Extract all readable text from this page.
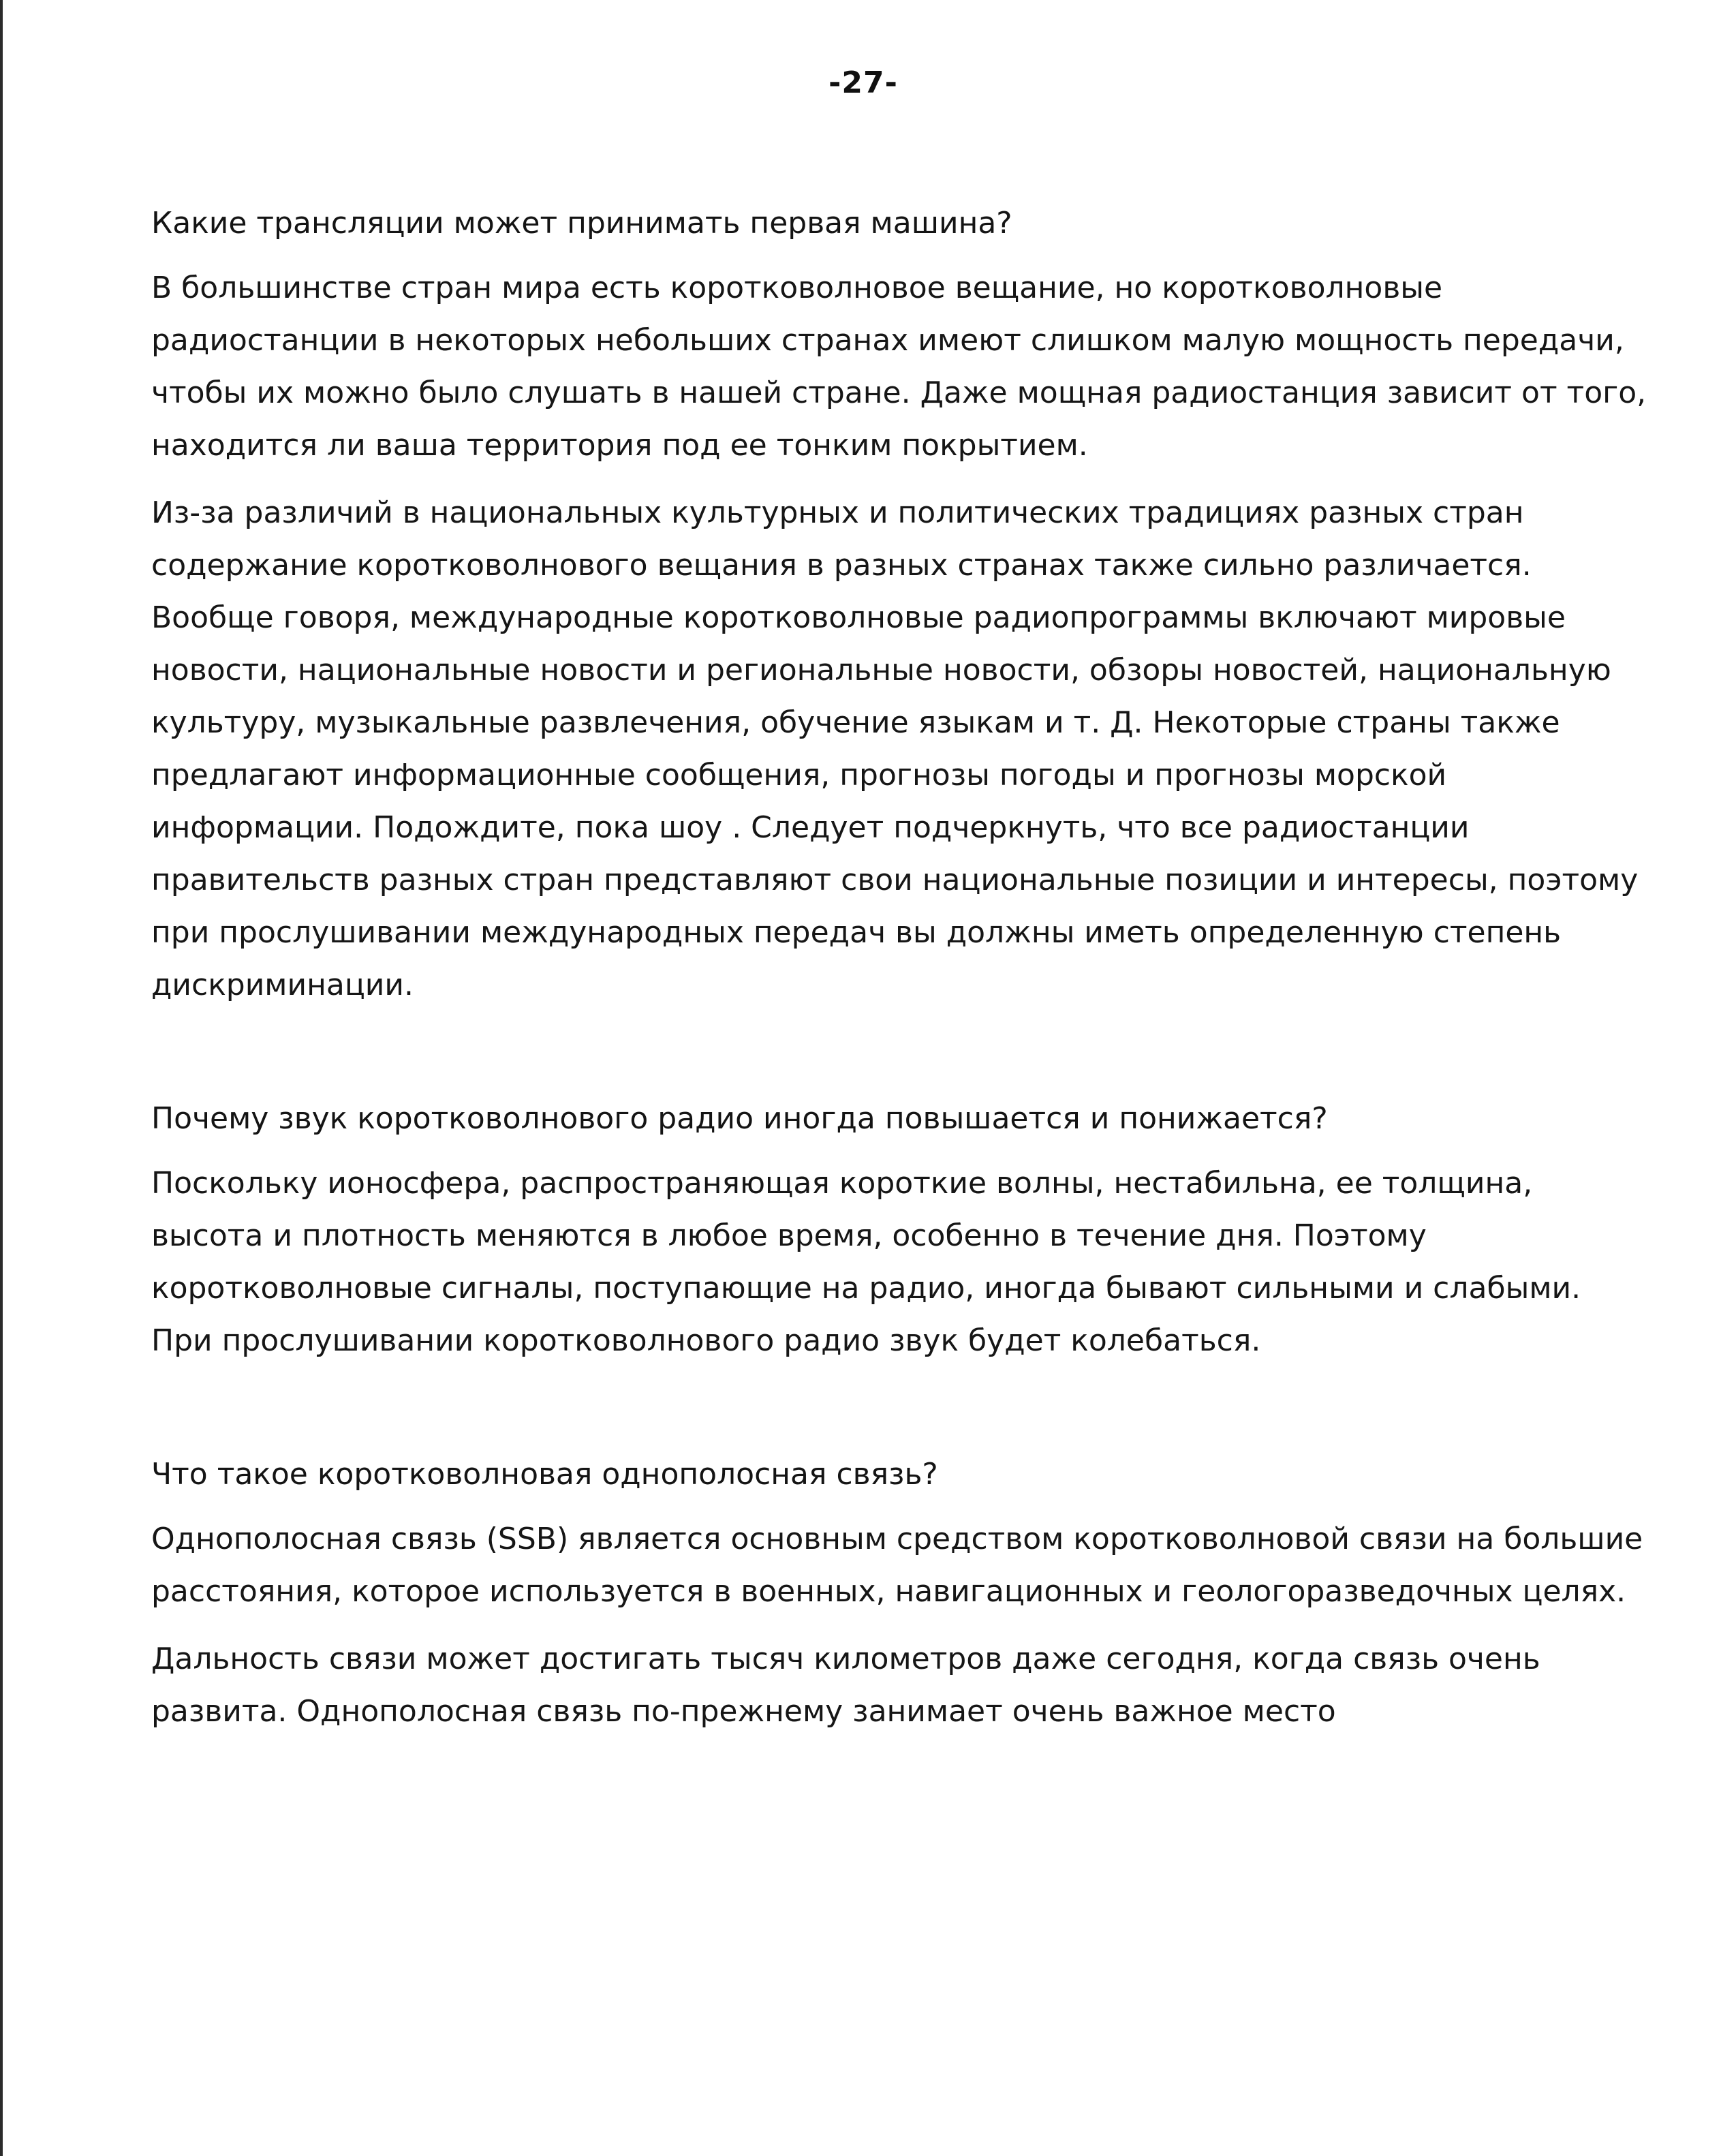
-27-

Какие трансляции может принимать первая машина?

В большинстве стран мира есть коротковолновое вещание, но коротковолновые радиостанции в некоторых небольших странах имеют слишком малую мощность передачи, чтобы их можно было слушать в нашей стране. Даже мощная радиостанция зависит от того, находится ли ваша территория под ее тонким покрытием.

Из-за различий в национальных культурных и политических традициях разных стран содержание коротковолнового вещания в разных странах также сильно различается. Вообще говоря, международные коротковолновые радиопрограммы включают мировые новости, национальные новости и региональные новости, обзоры новостей, национальную культуру, музыкальные развлечения, обучение языкам и т. Д. Некоторые страны также предлагают информационные сообщения, прогнозы погоды и прогнозы морской информации. Подождите, пока шоу . Следует подчеркнуть, что все радиостанции правительств разных стран представляют свои национальные позиции и интересы, поэтому при прослушивании международных передач вы должны иметь определенную степень дискриминации.

Почему звук коротковолнового радио иногда повышается и понижается?

Поскольку ионосфера, распространяющая короткие волны, нестабильна, ее толщина, высота и плотность меняются в любое время, особенно в течение дня. Поэтому коротковолновые сигналы, поступающие на радио, иногда бывают сильными и слабыми. При прослушивании коротковолнового радио звук будет колебаться.

Что такое коротковолновая однополосная связь?

Однополосная связь (SSB) является основным средством коротковолновой связи на большие расстояния, которое используется в военных, навигационных и геологоразведочных целях.

Дальность связи может достигать тысяч километров даже сегодня, когда связь очень развита. Однополосная связь по-прежнему занимает очень важное место
